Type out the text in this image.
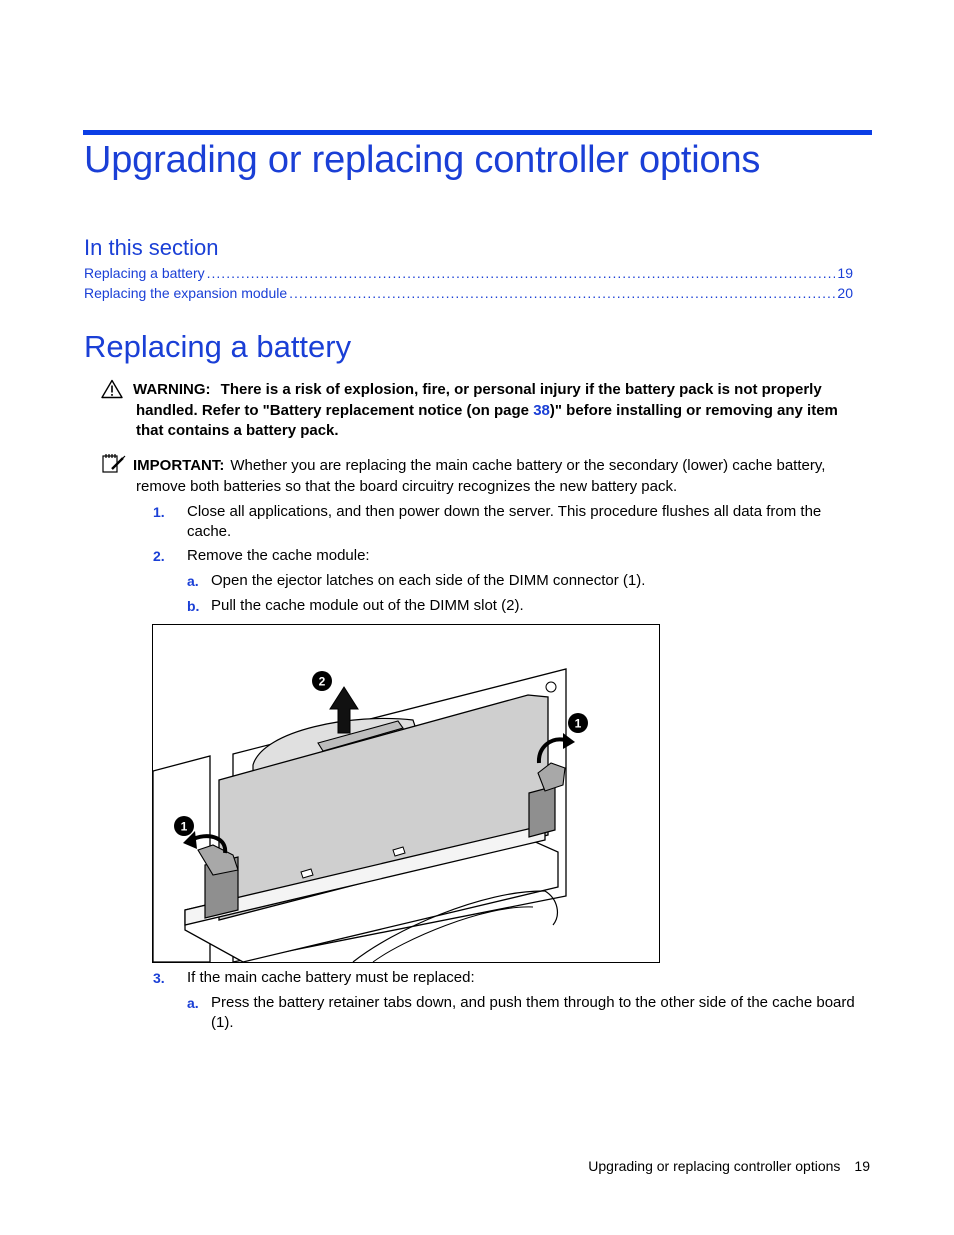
Upgrading or replacing controller options
In this section
Replacing a battery .....	19
Replacing the expansion module .....	20
Replacing a battery
WARNING: There is a risk of explosion, fire, or personal injury if the battery pack is not properly handled. Refer to "Battery replacement notice (on page 38)" before installing or removing any item that contains a battery pack.
IMPORTANT: Whether you are replacing the main cache battery or the secondary (lower) cache battery, remove both batteries so that the board circuitry recognizes the new battery pack.
1. Close all applications, and then power down the server. This procedure flushes all data from the cache.
2. Remove the cache module:
a. Open the ejector latches on each side of the DIMM connector (1).
b. Pull the cache module out of the DIMM slot (2).
2
1
1
3. If the main cache battery must be replaced:
a. Press the battery retainer tabs down, and push them through to the other side of the cache board (1).
Upgrading or replacing controller options 19
